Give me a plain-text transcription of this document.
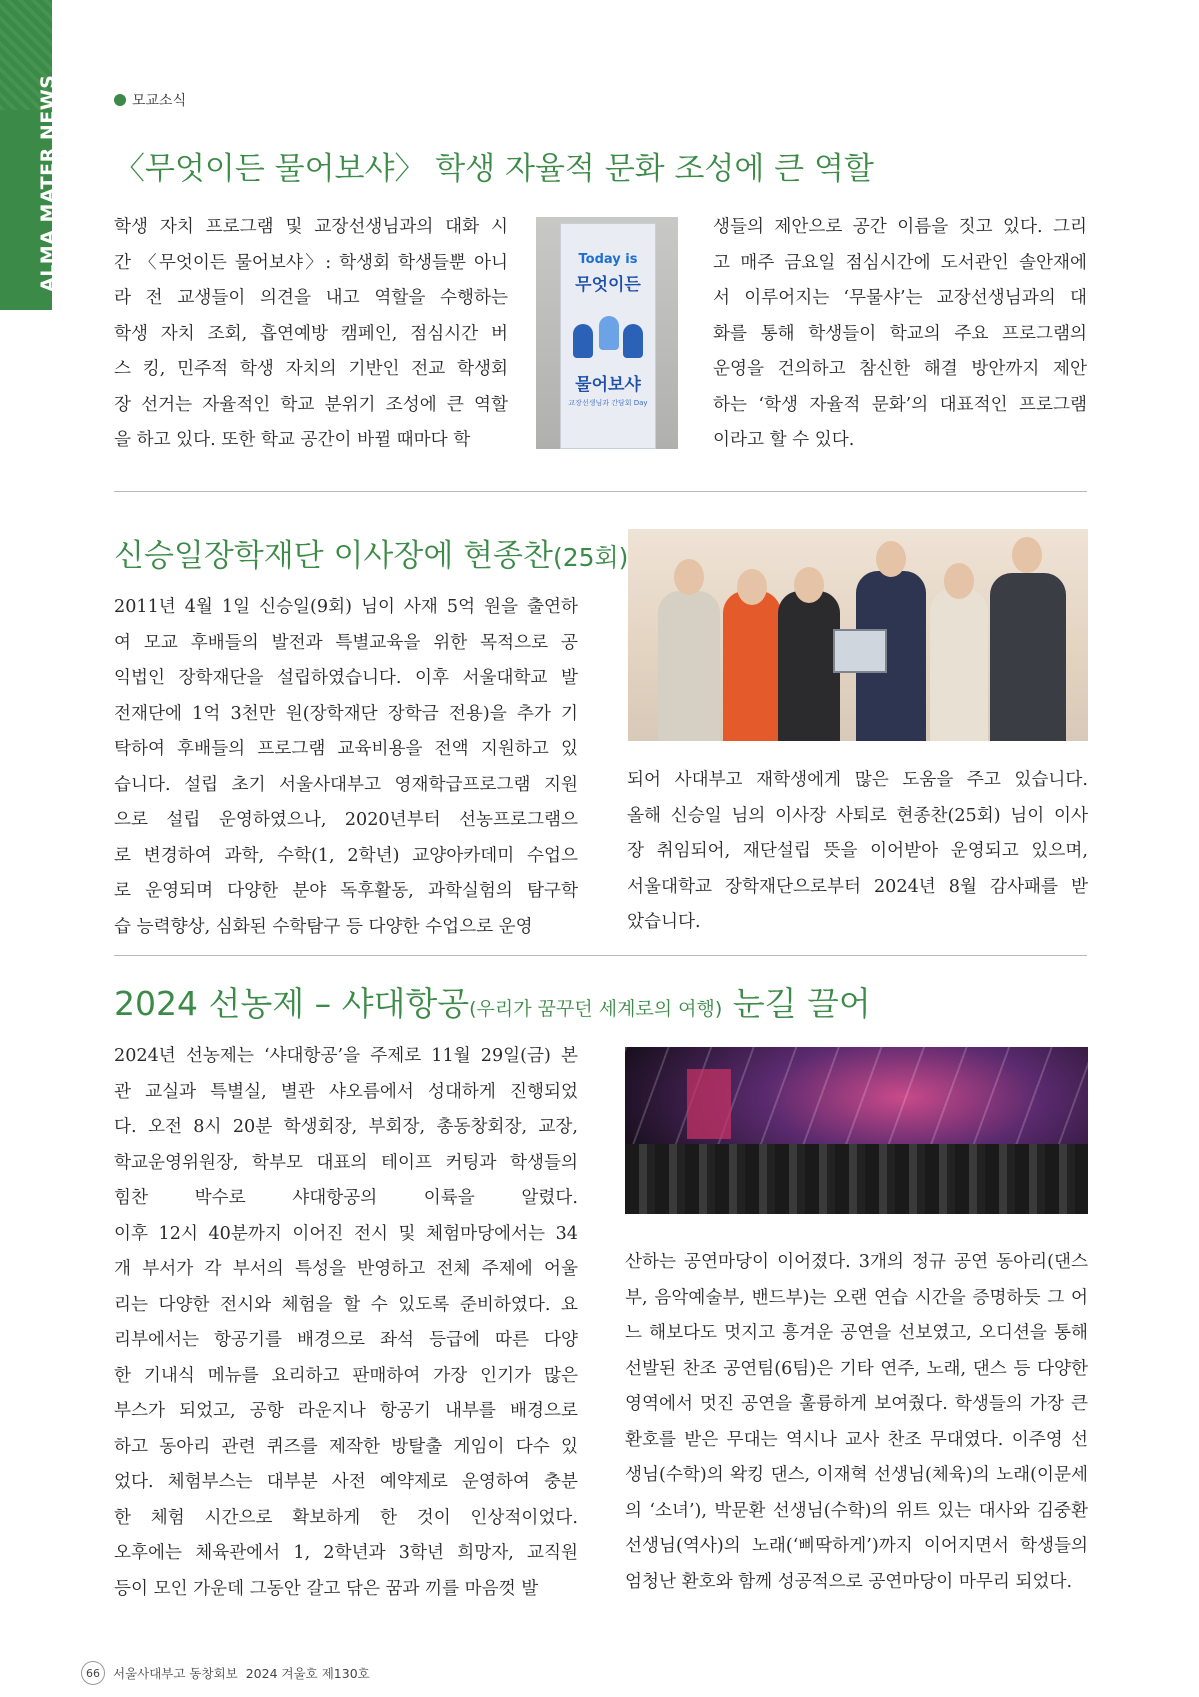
ALMA MATER NEWS	모교소식
〈무엇이든 물어보샤〉 학생 자율적 문화 조성에 큰 역할
학생 자치 프로그램 및 교장선생님과의 대화 시
간 〈무엇이든 물어보샤〉: 학생회 학생들뿐 아니
라 전 교생들이 의견을 내고 역할을 수행하는
학생 자치 조회, 흡연예방 캠페인, 점심시간 버
스 킹, 민주적 학생 자치의 기반인 전교 학생회
장 선거는 자율적인 학교 분위기 조성에 큰 역할
을 하고 있다. 또한 학교 공간이 바뀔 때마다 학
Today is
무엇이든
물어보샤
교장선생님과 간담회 Day
생들의 제안으로 공간 이름을 짓고 있다. 그리
고 매주 금요일 점심시간에 도서관인 솔안재에
서 이루어지는 ‘무물샤’는 교장선생님과의 대
화를 통해 학생들이 학교의 주요 프로그램의
운영을 건의하고 참신한 해결 방안까지 제안
하는 ‘학생 자율적 문화’의 대표적인 프로그램
이라고 할 수 있다.
신승일장학재단 이사장에 현종찬(25회)
2011년 4월 1일 신승일(9회) 님이 사재 5억 원을 출연하
여 모교 후배들의 발전과 특별교육을 위한 목적으로 공
익법인 장학재단을 설립하였습니다. 이후 서울대학교 발
전재단에 1억 3천만 원(장학재단 장학금 전용)을 추가 기
탁하여 후배들의 프로그램 교육비용을 전액 지원하고 있
습니다. 설립 초기 서울사대부고 영재학급프로그램 지원
으로 설립 운영하였으나, 2020년부터 선농프로그램으
로 변경하여 과학, 수학(1, 2학년) 교양아카데미 수업으
로 운영되며 다양한 분야 독후활동, 과학실험의 탐구학
습 능력향상, 심화된 수학탐구 등 다양한 수업으로 운영
되어 사대부고 재학생에게 많은 도움을 주고 있습니다.
올해 신승일 님의 이사장 사퇴로 현종찬(25회) 님이 이사
장 취임되어, 재단설립 뜻을 이어받아 운영되고 있으며,
서울대학교 장학재단으로부터 2024년 8월 감사패를 받
았습니다.
2024 선농제 – 샤대항공(우리가 꿈꾸던 세계로의 여행) 눈길 끌어
2024년 선농제는 ‘샤대항공’을 주제로 11월 29일(금) 본
관 교실과 특별실, 별관 샤오름에서 성대하게 진행되었
다. 오전 8시 20분 학생회장, 부회장, 총동창회장, 교장,
학교운영위원장, 학부모 대표의 테이프 커팅과 학생들의
힘찬 박수로 샤대항공의 이륙을 알렸다.
이후 12시 40분까지 이어진 전시 및 체험마당에서는 34
개 부서가 각 부서의 특성을 반영하고 전체 주제에 어울
리는 다양한 전시와 체험을 할 수 있도록 준비하였다. 요
리부에서는 항공기를 배경으로 좌석 등급에 따른 다양
한 기내식 메뉴를 요리하고 판매하여 가장 인기가 많은
부스가 되었고, 공항 라운지나 항공기 내부를 배경으로
하고 동아리 관련 퀴즈를 제작한 방탈출 게임이 다수 있
었다. 체험부스는 대부분 사전 예약제로 운영하여 충분
한 체험 시간으로 확보하게 한 것이 인상적이었다.
오후에는 체육관에서 1, 2학년과 3학년 희망자, 교직원
등이 모인 가운데 그동안 갈고 닦은 꿈과 끼를 마음껏 발
산하는 공연마당이 이어졌다. 3개의 정규 공연 동아리(댄스
부, 음악예술부, 밴드부)는 오랜 연습 시간을 증명하듯 그 어
느 해보다도 멋지고 흥겨운 공연을 선보였고, 오디션을 통해
선발된 찬조 공연팀(6팀)은 기타 연주, 노래, 댄스 등 다양한
영역에서 멋진 공연을 훌륭하게 보여줬다. 학생들의 가장 큰
환호를 받은 무대는 역시나 교사 찬조 무대였다. 이주영 선
생님(수학)의 왁킹 댄스, 이재혁 선생님(체육)의 노래(이문세
의 ‘소녀’), 박문환 선생님(수학)의 위트 있는 대사와 김중환
선생님(역사)의 노래(‘삐딱하게’)까지 이어지면서 학생들의
엄청난 환호와 함께 성공적으로 공연마당이 마무리 되었다.
66	서울사대부고 동창회보 2024 겨울호 제130호
